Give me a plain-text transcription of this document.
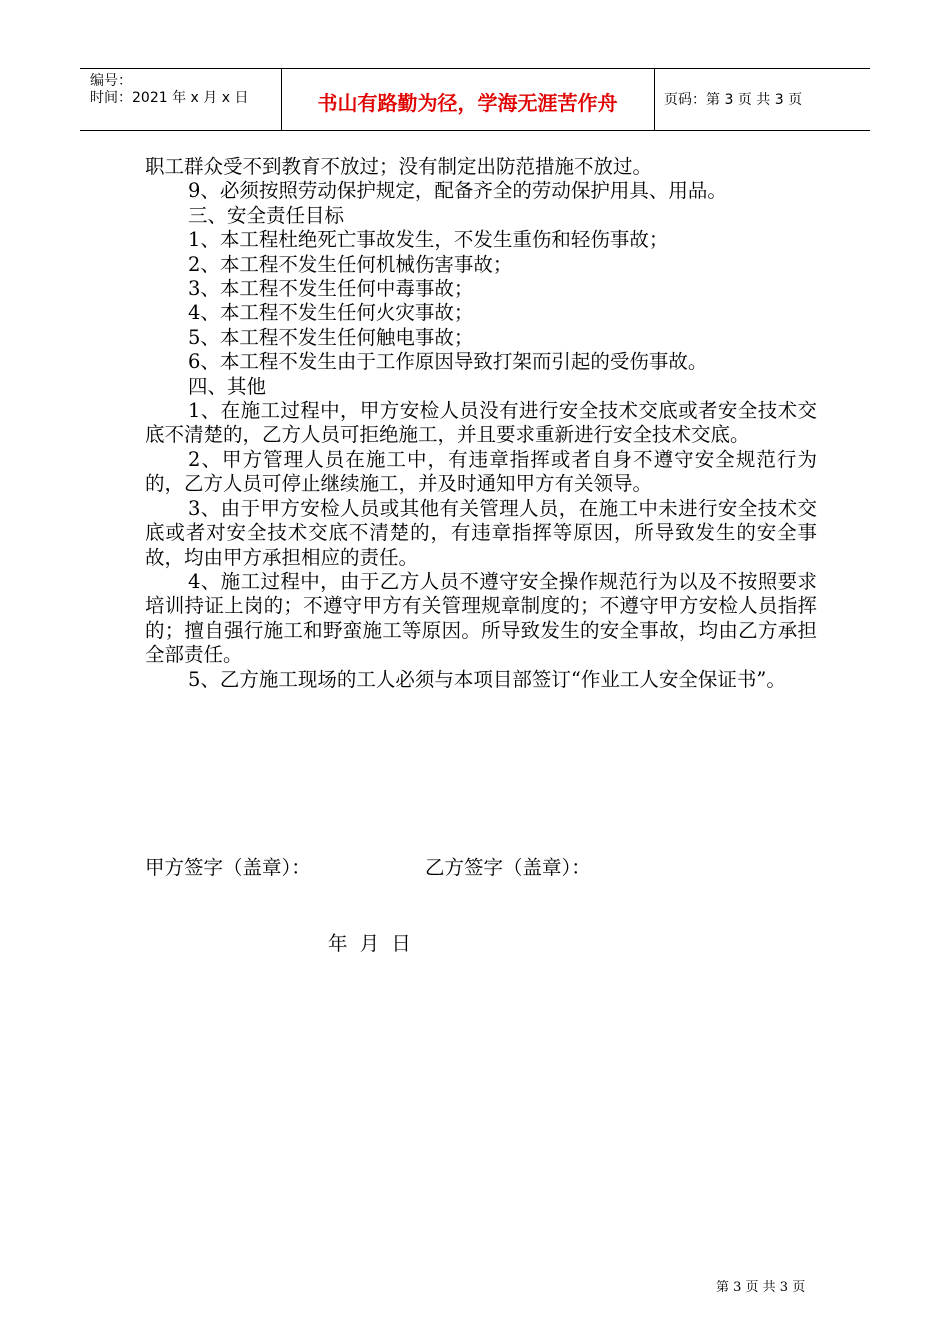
编号：
时间：2021 年 x 月 x 日	书山有路勤为径，学海无涯苦作舟	页码：第 3 页 共 3 页

职工群众受不到教育不放过；没有制定出防范措施不放过。

9、必须按照劳动保护规定，配备齐全的劳动保护用具、用品。

三、安全责任目标

1、本工程杜绝死亡事故发生，不发生重伤和轻伤事故；

2、本工程不发生任何机械伤害事故；

3、本工程不发生任何中毒事故；

4、本工程不发生任何火灾事故；

5、本工程不发生任何触电事故；

6、本工程不发生由于工作原因导致打架而引起的受伤事故。

四、其他

1、在施工过程中，甲方安检人员没有进行安全技术交底或者安全技术交底不清楚的，乙方人员可拒绝施工，并且要求重新进行安全技术交底。

2、甲方管理人员在施工中，有违章指挥或者自身不遵守安全规范行为的，乙方人员可停止继续施工，并及时通知甲方有关领导。

3、由于甲方安检人员或其他有关管理人员，在施工中未进行安全技术交底或者对安全技术交底不清楚的，有违章指挥等原因，所导致发生的安全事故，均由甲方承担相应的责任。

4、施工过程中，由于乙方人员不遵守安全操作规范行为以及不按照要求培训持证上岗的；不遵守甲方有关管理规章制度的；不遵守甲方安检人员指挥的；擅自强行施工和野蛮施工等原因。所导致发生的安全事故，均由乙方承担全部责任。

5、乙方施工现场的工人必须与本项目部签订“作业工人安全保证书”。

甲方签字（盖章）：	乙方签字（盖章）：
年 月 日
第 3 页 共 3 页
